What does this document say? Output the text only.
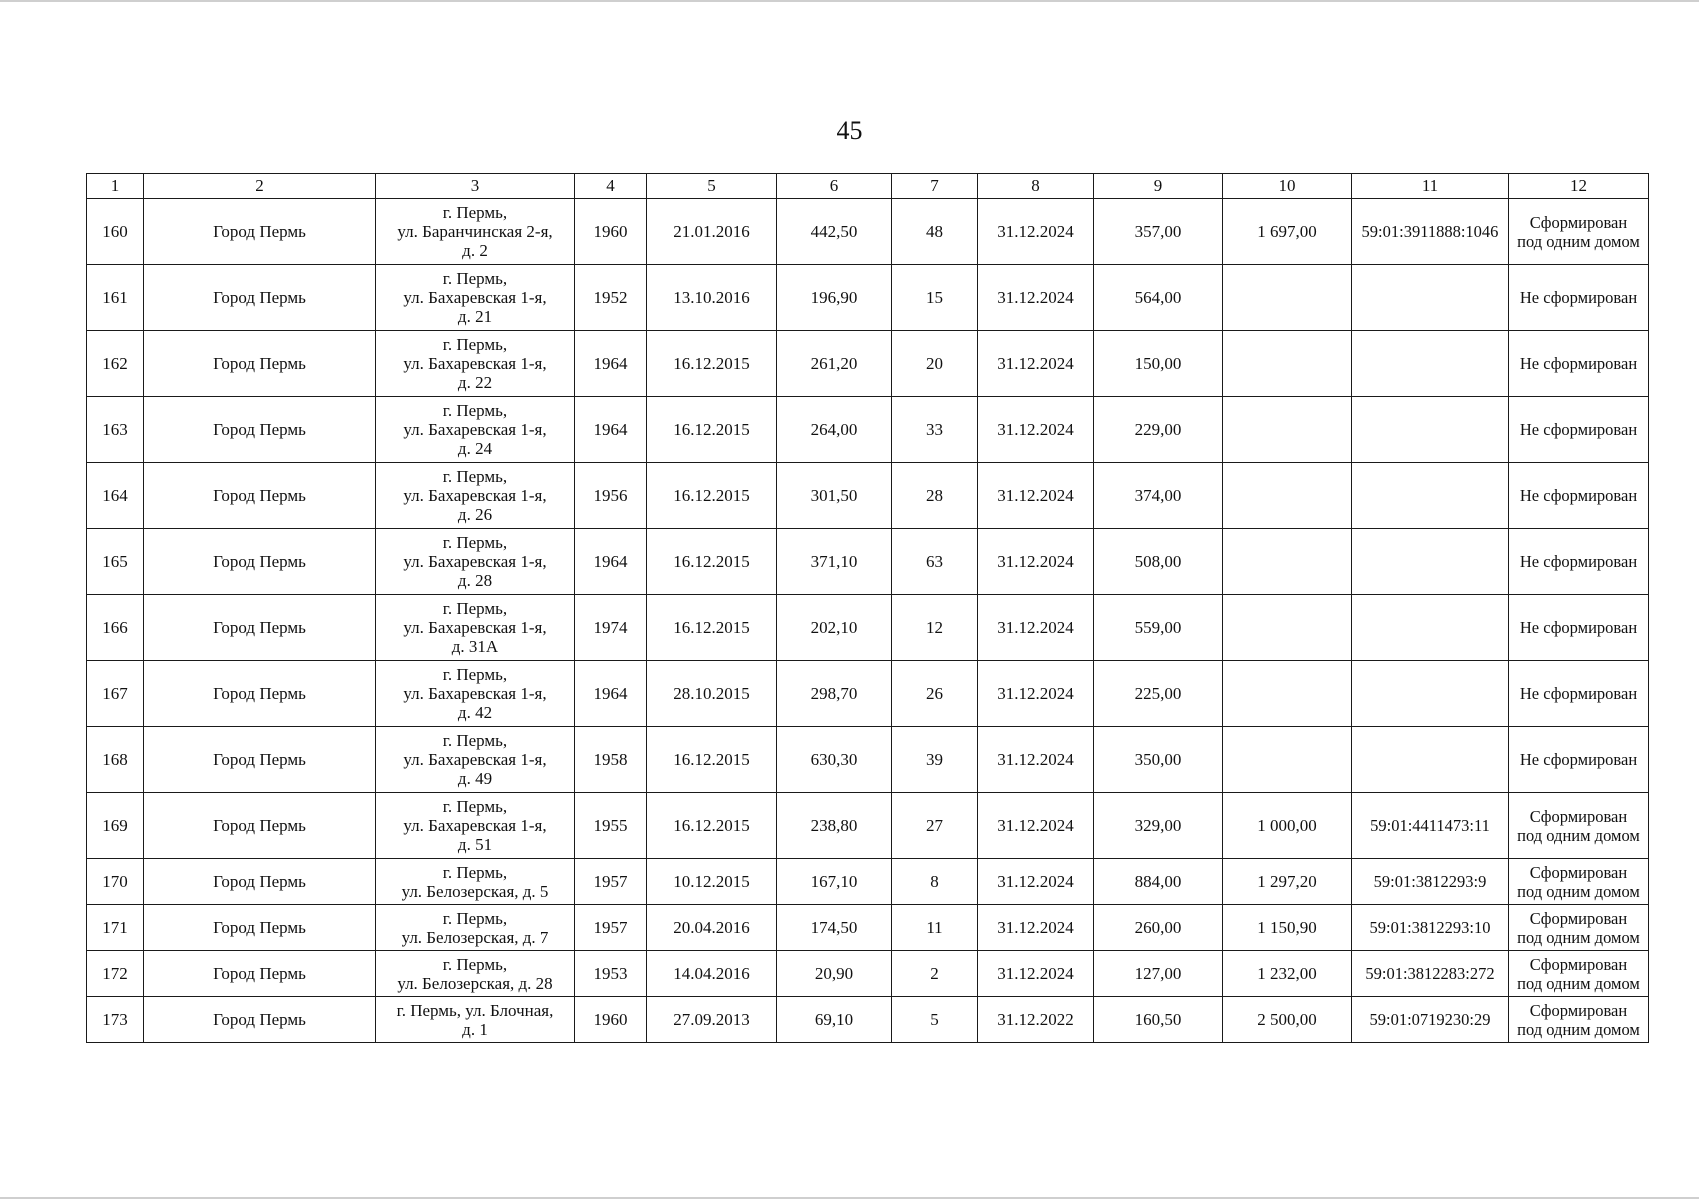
45
1	2	3	4	5	6	7	8	9	10	11	12
160	Город Пермь	г. Пермь,
ул. Баранчинская 2-я,
д. 2	1960	21.01.2016	442,50	48	31.12.2024	357,00	1 697,00	59:01:3911888:1046	Сформирован
под одним домом
161	Город Пермь	г. Пермь,
ул. Бахаревская 1-я,
д. 21	1952	13.10.2016	196,90	15	31.12.2024	564,00			Не сформирован
162	Город Пермь	г. Пермь,
ул. Бахаревская 1-я,
д. 22	1964	16.12.2015	261,20	20	31.12.2024	150,00			Не сформирован
163	Город Пермь	г. Пермь,
ул. Бахаревская 1-я,
д. 24	1964	16.12.2015	264,00	33	31.12.2024	229,00			Не сформирован
164	Город Пермь	г. Пермь,
ул. Бахаревская 1-я,
д. 26	1956	16.12.2015	301,50	28	31.12.2024	374,00			Не сформирован
165	Город Пермь	г. Пермь,
ул. Бахаревская 1-я,
д. 28	1964	16.12.2015	371,10	63	31.12.2024	508,00			Не сформирован
166	Город Пермь	г. Пермь,
ул. Бахаревская 1-я,
д. 31А	1974	16.12.2015	202,10	12	31.12.2024	559,00			Не сформирован
167	Город Пермь	г. Пермь,
ул. Бахаревская 1-я,
д. 42	1964	28.10.2015	298,70	26	31.12.2024	225,00			Не сформирован
168	Город Пермь	г. Пермь,
ул. Бахаревская 1-я,
д. 49	1958	16.12.2015	630,30	39	31.12.2024	350,00			Не сформирован
169	Город Пермь	г. Пермь,
ул. Бахаревская 1-я,
д. 51	1955	16.12.2015	238,80	27	31.12.2024	329,00	1 000,00	59:01:4411473:11	Сформирован
под одним домом
170	Город Пермь	г. Пермь,
ул. Белозерская, д. 5	1957	10.12.2015	167,10	8	31.12.2024	884,00	1 297,20	59:01:3812293:9	Сформирован
под одним домом
171	Город Пермь	г. Пермь,
ул. Белозерская, д. 7	1957	20.04.2016	174,50	11	31.12.2024	260,00	1 150,90	59:01:3812293:10	Сформирован
под одним домом
172	Город Пермь	г. Пермь,
ул. Белозерская, д. 28	1953	14.04.2016	20,90	2	31.12.2024	127,00	1 232,00	59:01:3812283:272	Сформирован
под одним домом
173	Город Пермь	г. Пермь, ул. Блочная,
д. 1	1960	27.09.2013	69,10	5	31.12.2022	160,50	2 500,00	59:01:0719230:29	Сформирован
под одним домом
